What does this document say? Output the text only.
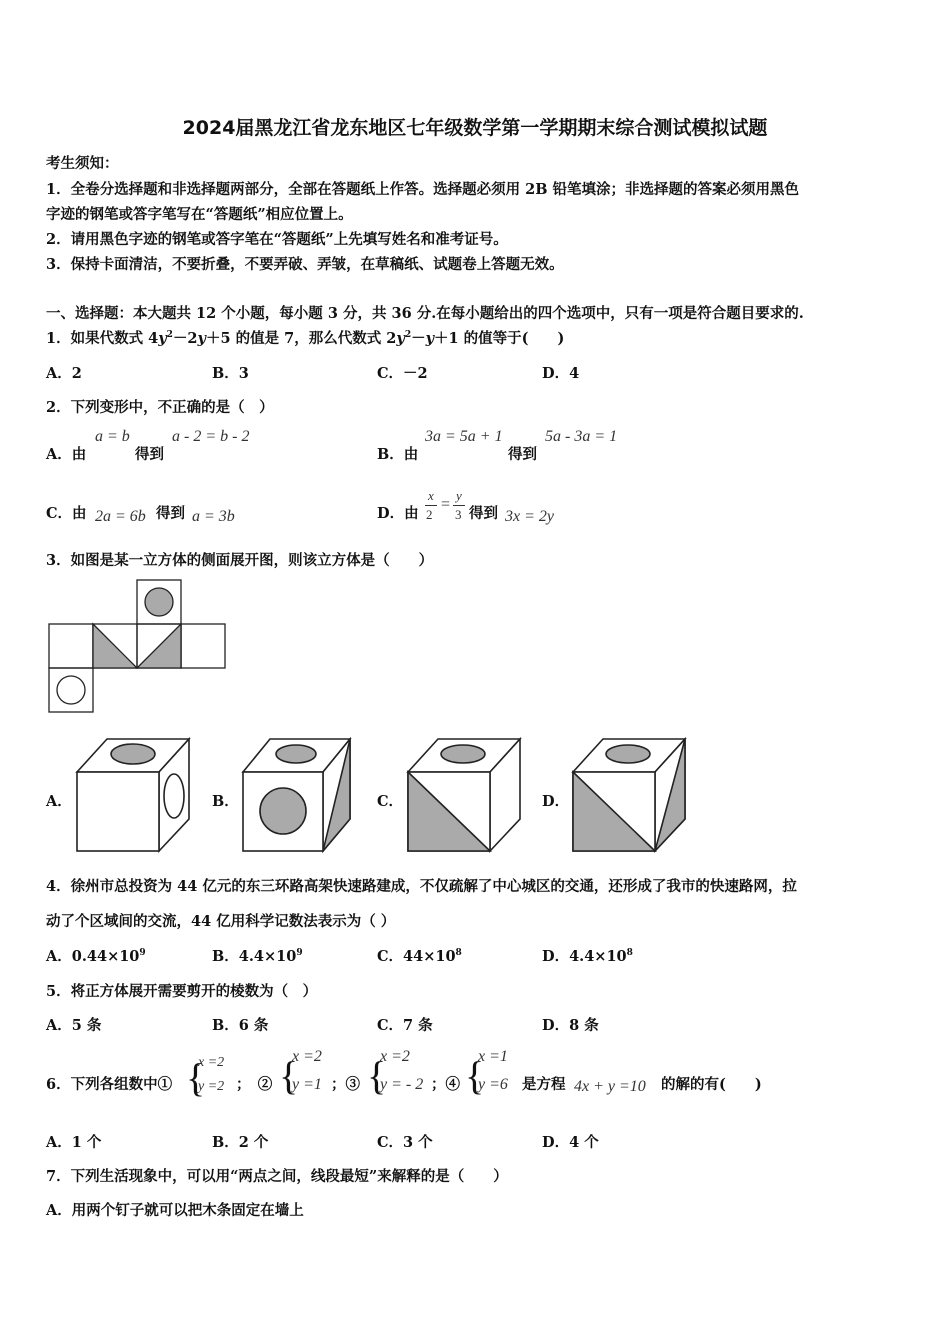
2024届黑龙江省龙东地区七年级数学第一学期期末综合测试模拟试题
考生须知：
1．全卷分选择题和非选择题两部分，全部在答题纸上作答。选择题必须用 2B 铅笔填涂；非选择题的答案必须用黑色
字迹的钢笔或答字笔写在“答题纸”相应位置上。
2．请用黑色字迹的钢笔或答字笔在“答题纸”上先填写姓名和准考证号。
3．保持卡面清洁，不要折叠，不要弄破、弄皱，在草稿纸、试题卷上答题无效。
一、选择题：本大题共 12 个小题，每小题 3 分，共 36 分.在每小题给出的四个选项中，只有一项是符合题目要求的.
1．如果代数式 $4y^2-2y+5$ 的值是 7，那么代数式 $2y^2-y+1$ 的值等于(　　)
A．2	B．3	C．－2	D．4
2．下列变形中，不正确的是（　）
A．由
a = b
得到
a - 2 = b - 2
B．由
3a = 5a + 1
得到
5a - 3a = 1
C．由 2a = 6b 得到 a = 3b	D．由
x
2
=
y
3 得到 3x = 2y
3．如图是某一立方体的侧面展开图，则该立方体是（　　）
A．	B．	C．	D．
4．徐州市总投资为 44 亿元的东三环路高架快速路建成，不仅疏解了中心城区的交通，还形成了我市的快速路网，拉
动了个区域间的交流，44 亿用科学记数法表示为（ ）
A．$0.44\times 10^9$	B．$4.4\times 10^9$	C．$44\times 10^8$	D．$4.4\times 10^8$
5．将正方体展开需要剪开的棱数为（　）
A．5 条	B．6 条	C．7 条	D．8 条
6．下列各组数中① {
x =2
y =2 ；　② {
x =2
y =1 ；③ {
x =2
y = - 2 ；④ {
x =1
y =6 是方程 4x + y =10 的解的有(　　)
A．1 个	B．2 个	C．3 个	D．4 个
7．下列生活现象中，可以用“两点之间，线段最短”来解释的是（　　）
A．用两个钉子就可以把木条固定在墙上
